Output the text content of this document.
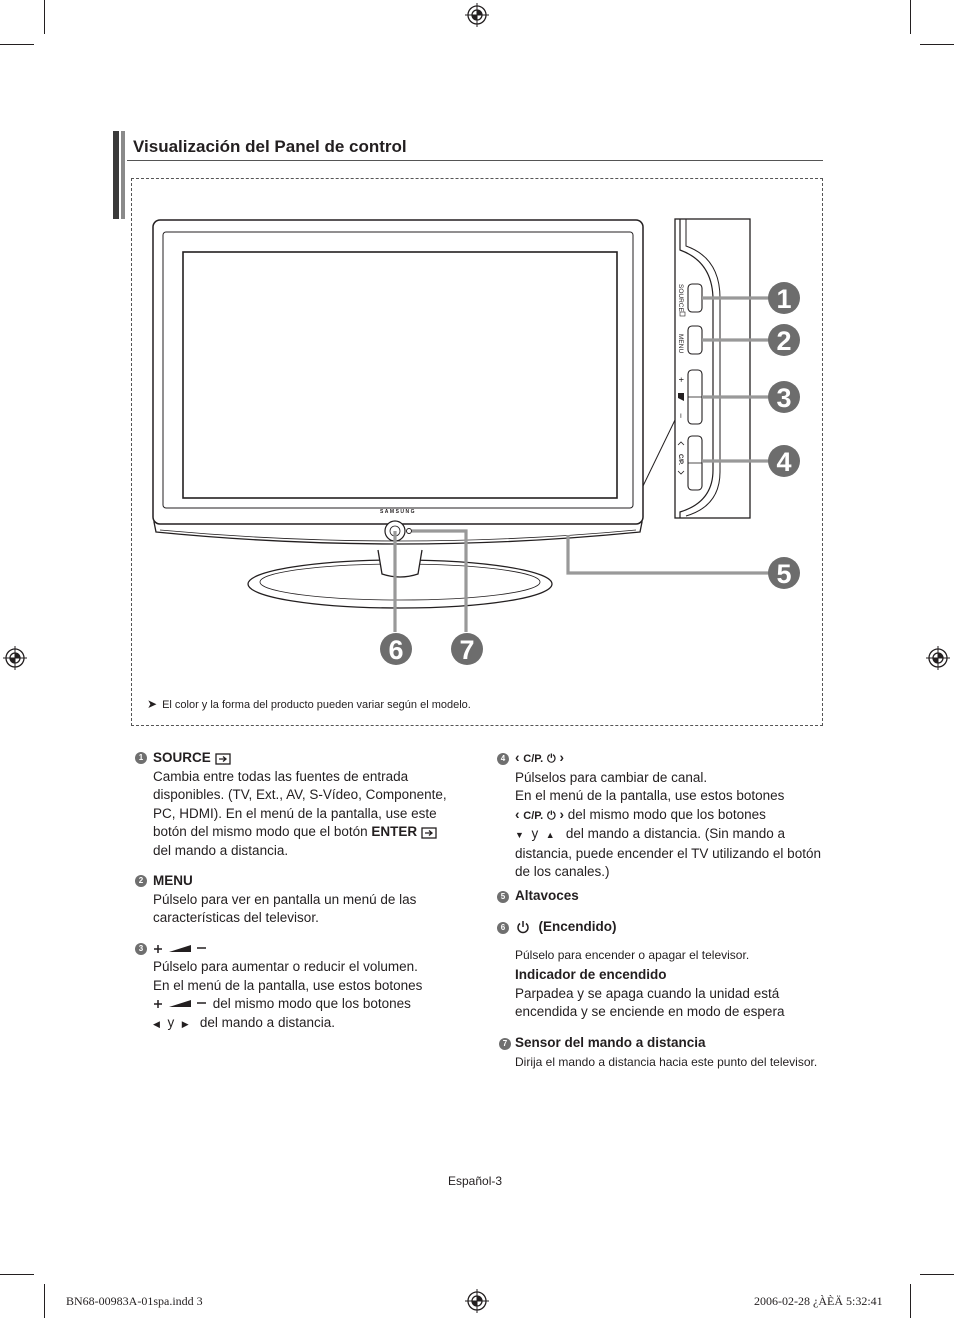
Visualización del Panel de control
SAMSUNG
SOURCE
MENU
+
−
C/P.
1
2
3
4
5
6 7
➤ El color y la forma del producto pueden variar según el modelo.
1 SOURCE
Cambia entre todas las fuentes de entrada
disponibles. (TV, Ext., AV, S-Vídeo, Componente,
PC, HDMI). En el menú de la pantalla, use este
botón del mismo modo que el botón ENTER
del mando a distancia.
2 MENU
Púlselo para ver en pantalla un menú de las
características del televisor.
3
Púlselo para aumentar o reducir el volumen.
En el menú de la pantalla, use estos botones
del mismo modo que los botones
◀ y ▶ del mando a distancia.
4 ‹ C/P. ⏻ ›
Púlselos para cambiar de canal.
En el menú de la pantalla, use estos botones
‹ C/P. ⏻ › del mismo modo que los botones
▼ y ▲ del mando a distancia. (Sin mando a
distancia, puede encender el TV utilizando el botón
de los canales.)
5 Altavoces
6	(Encendido)
Púlselo para encender o apagar el televisor.
Indicador de encendido
Parpadea y se apaga cuando la unidad está
encendida y se enciende en modo de espera
7 Sensor del mando a distancia
Dirija el mando a distancia hacia este punto del televisor.
Español-3
BN68-00983A-01spa.indd 3	2006-02-28 ¿ÀÈÄ 5:32:41
